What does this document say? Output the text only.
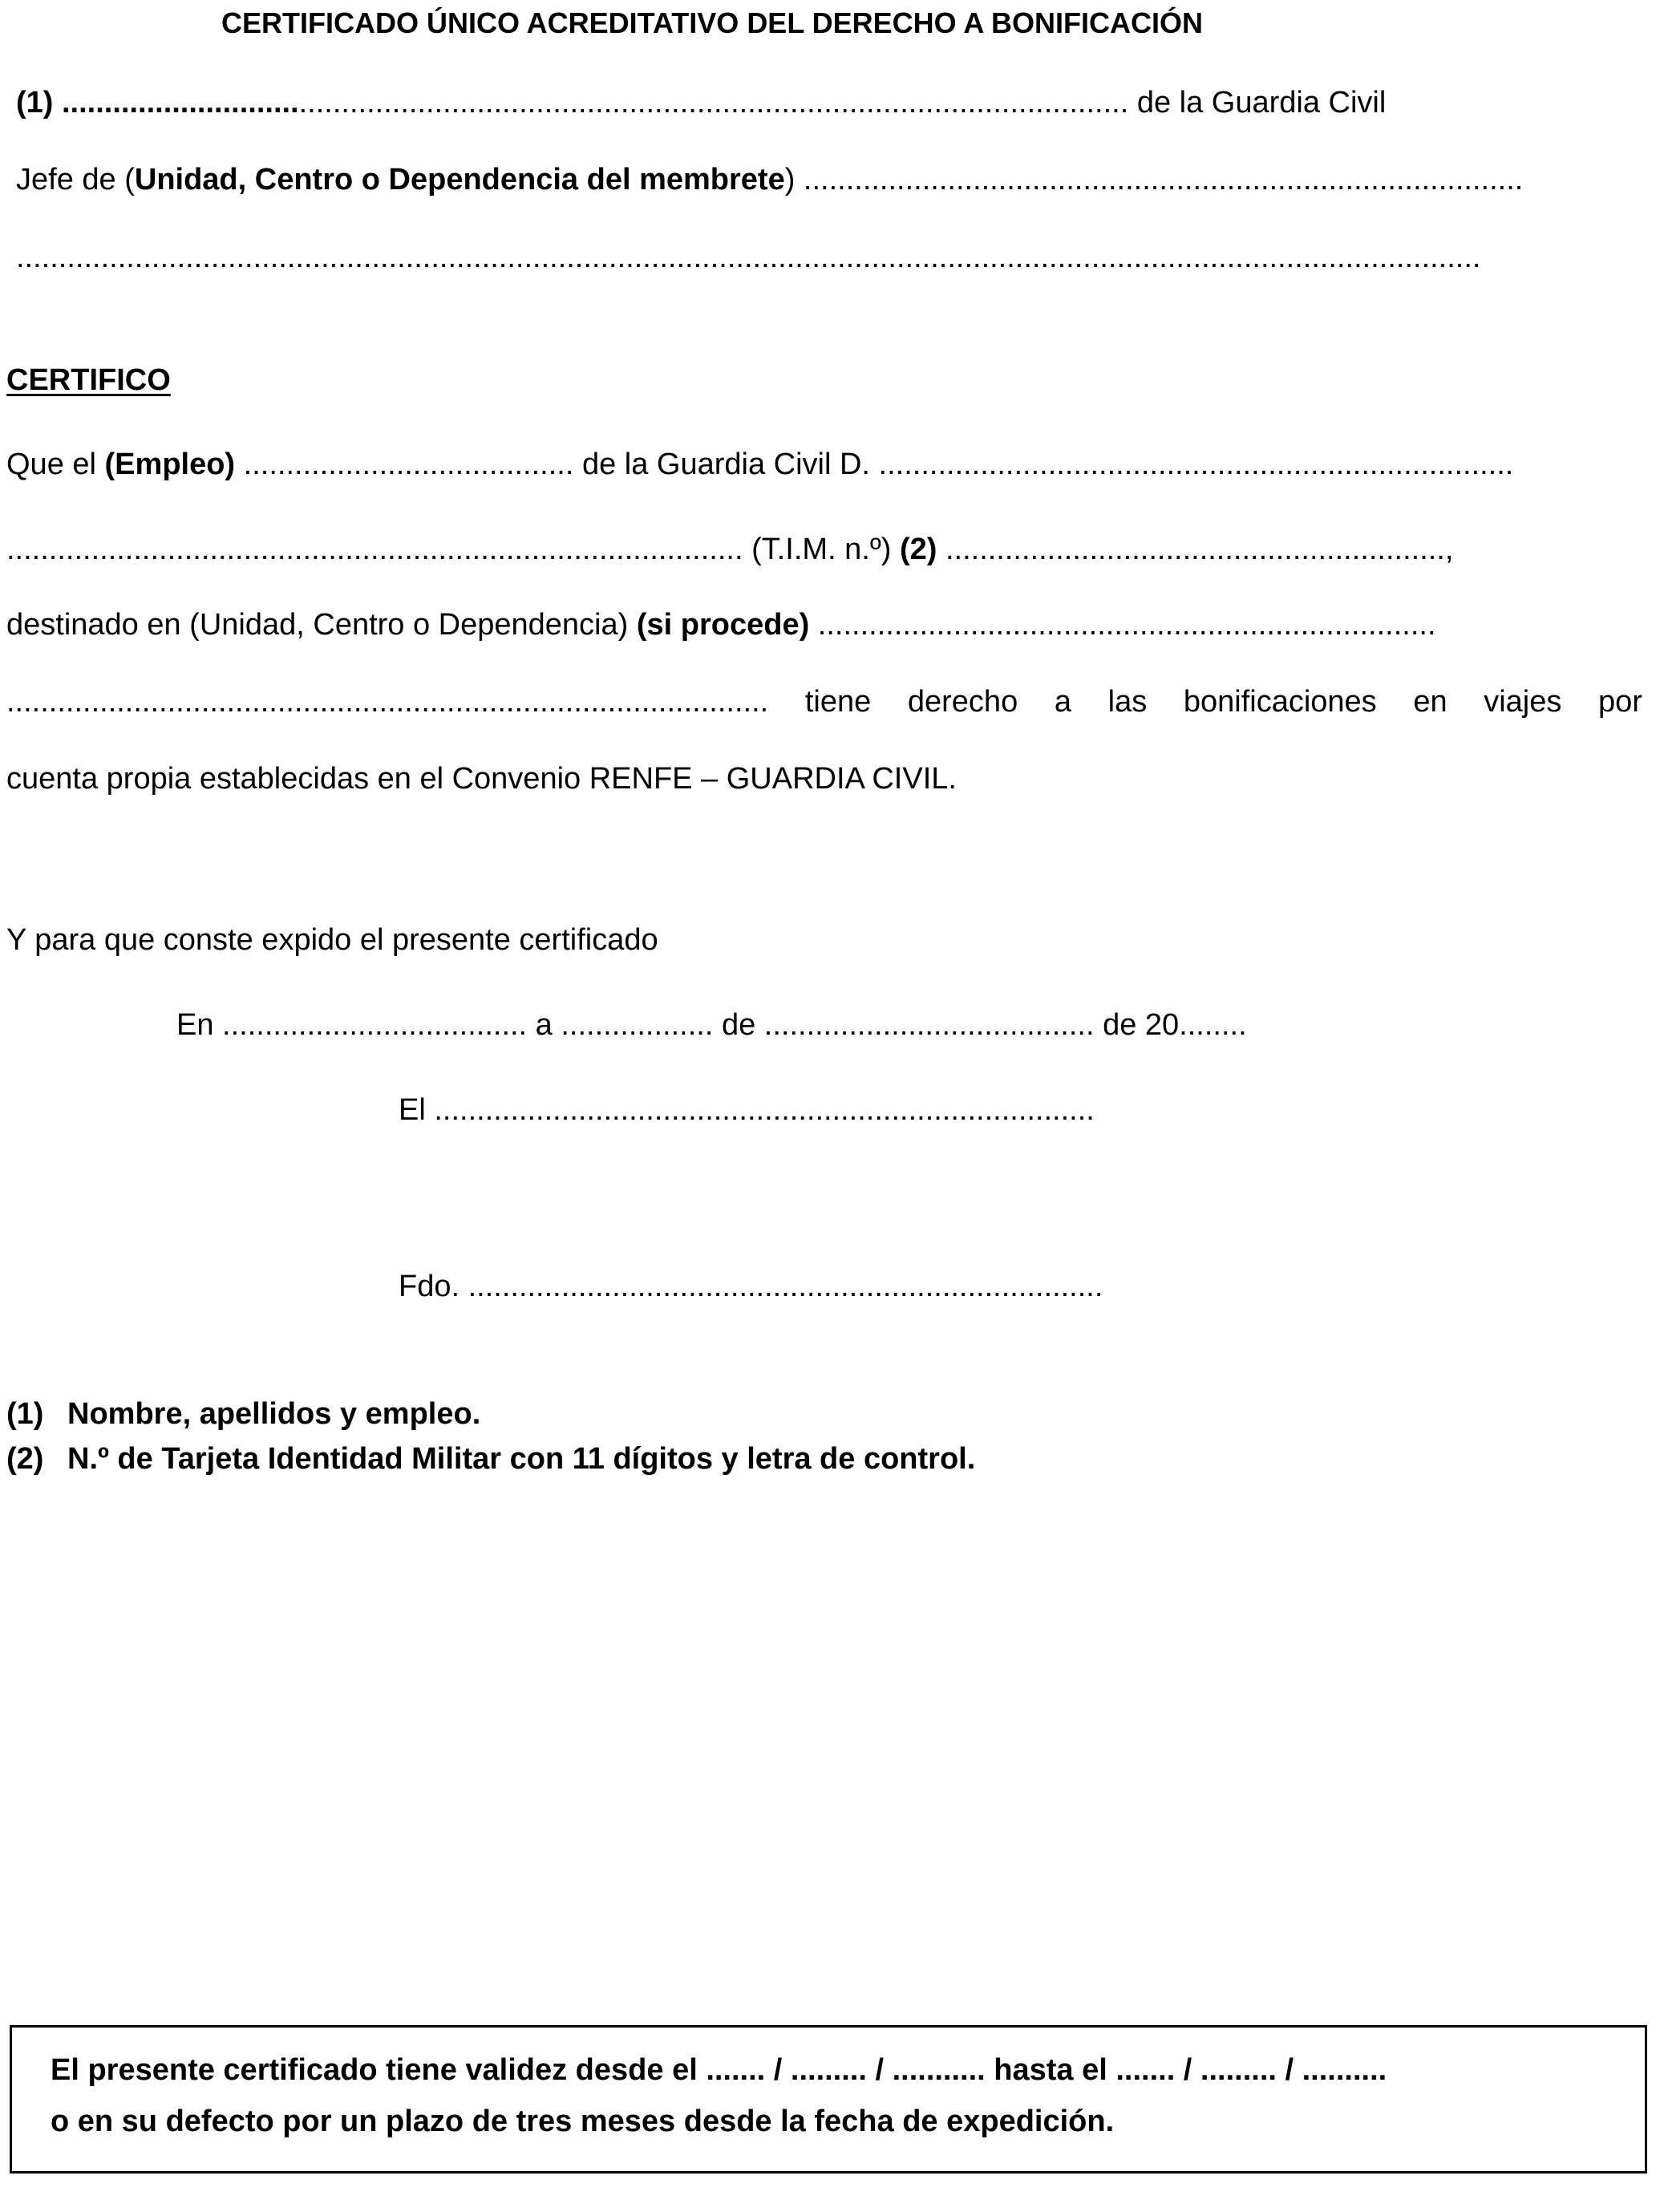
CERTIFICADO ÚNICO ACREDITATIVO DEL DERECHO A BONIFICACIÓN
(1) .............................................................................................................................. de la Guardia Civil
Jefe de (Unidad, Centro o Dependencia del membrete) .....................................................................................
.............................................................................................................................................................................
CERTIFICO
Que el (Empleo) ....................................... de la Guardia Civil D. ...........................................................................
....................................................................................... (T.I.M. n.º) (2) ...........................................................,
destinado en (Unidad, Centro o Dependencia) (si procede) .........................................................................
.......................................................................................... tiene derecho a las bonificaciones en viajes por
cuenta propia establecidas en el Convenio RENFE – GUARDIA CIVIL.
Y para que conste expido el presente certificado
En .................................... a .................. de ....................................... de 20........
El ..............................................................................
Fdo. ...........................................................................
(1) Nombre, apellidos y empleo.
(2) N.º de Tarjeta Identidad Militar con 11 dígitos y letra de control.
El presente certificado tiene validez desde el ....... / ......... / ........... hasta el ....... / ......... / ..........
o en su defecto por un plazo de tres meses desde la fecha de expedición.
